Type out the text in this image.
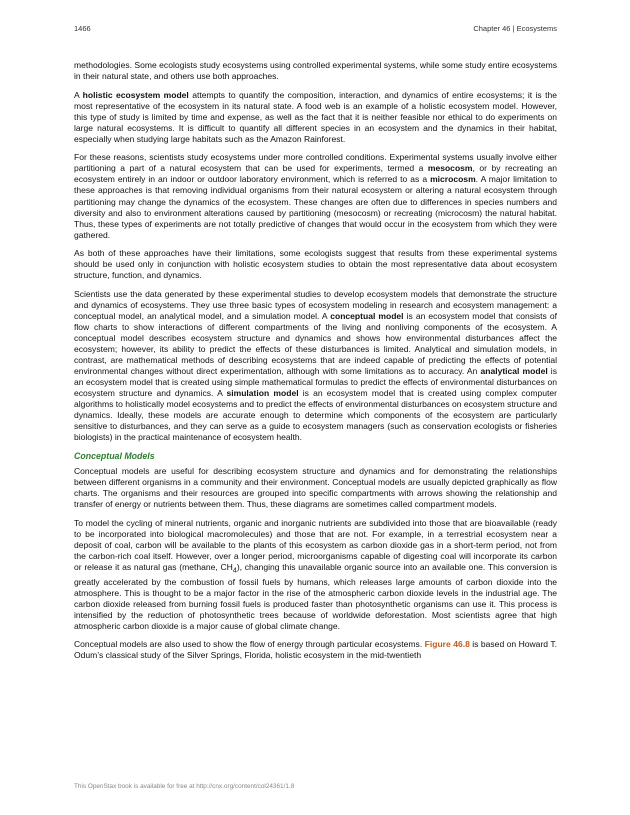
1466	Chapter 46 | Ecosystems

methodologies. Some ecologists study ecosystems using controlled experimental systems, while some study entire ecosystems in their natural state, and others use both approaches.

A holistic ecosystem model attempts to quantify the composition, interaction, and dynamics of entire ecosystems; it is the most representative of the ecosystem in its natural state. A food web is an example of a holistic ecosystem model. However, this type of study is limited by time and expense, as well as the fact that it is neither feasible nor ethical to do experiments on large natural ecosystems. It is difficult to quantify all different species in an ecosystem and the dynamics in their habitat, especially when studying large habitats such as the Amazon Rainforest.

For these reasons, scientists study ecosystems under more controlled conditions. Experimental systems usually involve either partitioning a part of a natural ecosystem that can be used for experiments, termed a mesocosm, or by recreating an ecosystem entirely in an indoor or outdoor laboratory environment, which is referred to as a microcosm. A major limitation to these approaches is that removing individual organisms from their natural ecosystem or altering a natural ecosystem through partitioning may change the dynamics of the ecosystem. These changes are often due to differences in species numbers and diversity and also to environment alterations caused by partitioning (mesocosm) or recreating (microcosm) the natural habitat. Thus, these types of experiments are not totally predictive of changes that would occur in the ecosystem from which they were gathered.

As both of these approaches have their limitations, some ecologists suggest that results from these experimental systems should be used only in conjunction with holistic ecosystem studies to obtain the most representative data about ecosystem structure, function, and dynamics.

Scientists use the data generated by these experimental studies to develop ecosystem models that demonstrate the structure and dynamics of ecosystems. They use three basic types of ecosystem modeling in research and ecosystem management: a conceptual model, an analytical model, and a simulation model. A conceptual model is an ecosystem model that consists of flow charts to show interactions of different compartments of the living and nonliving components of the ecosystem. A conceptual model describes ecosystem structure and dynamics and shows how environmental disturbances affect the ecosystem; however, its ability to predict the effects of these disturbances is limited. Analytical and simulation models, in contrast, are mathematical methods of describing ecosystems that are indeed capable of predicting the effects of potential environmental changes without direct experimentation, although with some limitations as to accuracy. An analytical model is an ecosystem model that is created using simple mathematical formulas to predict the effects of environmental disturbances on ecosystem structure and dynamics. A simulation model is an ecosystem model that is created using complex computer algorithms to holistically model ecosystems and to predict the effects of environmental disturbances on ecosystem structure and dynamics. Ideally, these models are accurate enough to determine which components of the ecosystem are particularly sensitive to disturbances, and they can serve as a guide to ecosystem managers (such as conservation ecologists or fisheries biologists) in the practical maintenance of ecosystem health.

Conceptual Models

Conceptual models are useful for describing ecosystem structure and dynamics and for demonstrating the relationships between different organisms in a community and their environment. Conceptual models are usually depicted graphically as flow charts. The organisms and their resources are grouped into specific compartments with arrows showing the relationship and transfer of energy or nutrients between them. Thus, these diagrams are sometimes called compartment models.

To model the cycling of mineral nutrients, organic and inorganic nutrients are subdivided into those that are bioavailable (ready to be incorporated into biological macromolecules) and those that are not. For example, in a terrestrial ecosystem near a deposit of coal, carbon will be available to the plants of this ecosystem as carbon dioxide gas in a short-term period, not from the carbon-rich coal itself. However, over a longer period, microorganisms capable of digesting coal will incorporate its carbon or release it as natural gas (methane, $CH_4$), changing this unavailable organic source into an available one. This conversion is greatly accelerated by the combustion of fossil fuels by humans, which releases large amounts of carbon dioxide into the atmosphere. This is thought to be a major factor in the rise of the atmospheric carbon dioxide levels in the industrial age. The carbon dioxide released from burning fossil fuels is produced faster than photosynthetic organisms can use it. This process is intensified by the reduction of photosynthetic trees because of worldwide deforestation. Most scientists agree that high atmospheric carbon dioxide is a major cause of global climate change.

Conceptual models are also used to show the flow of energy through particular ecosystems. Figure 46.8 is based on Howard T. Odum’s classical study of the Silver Springs, Florida, holistic ecosystem in the mid-twentieth

This OpenStax book is available for free at http://cnx.org/content/col24361/1.8
